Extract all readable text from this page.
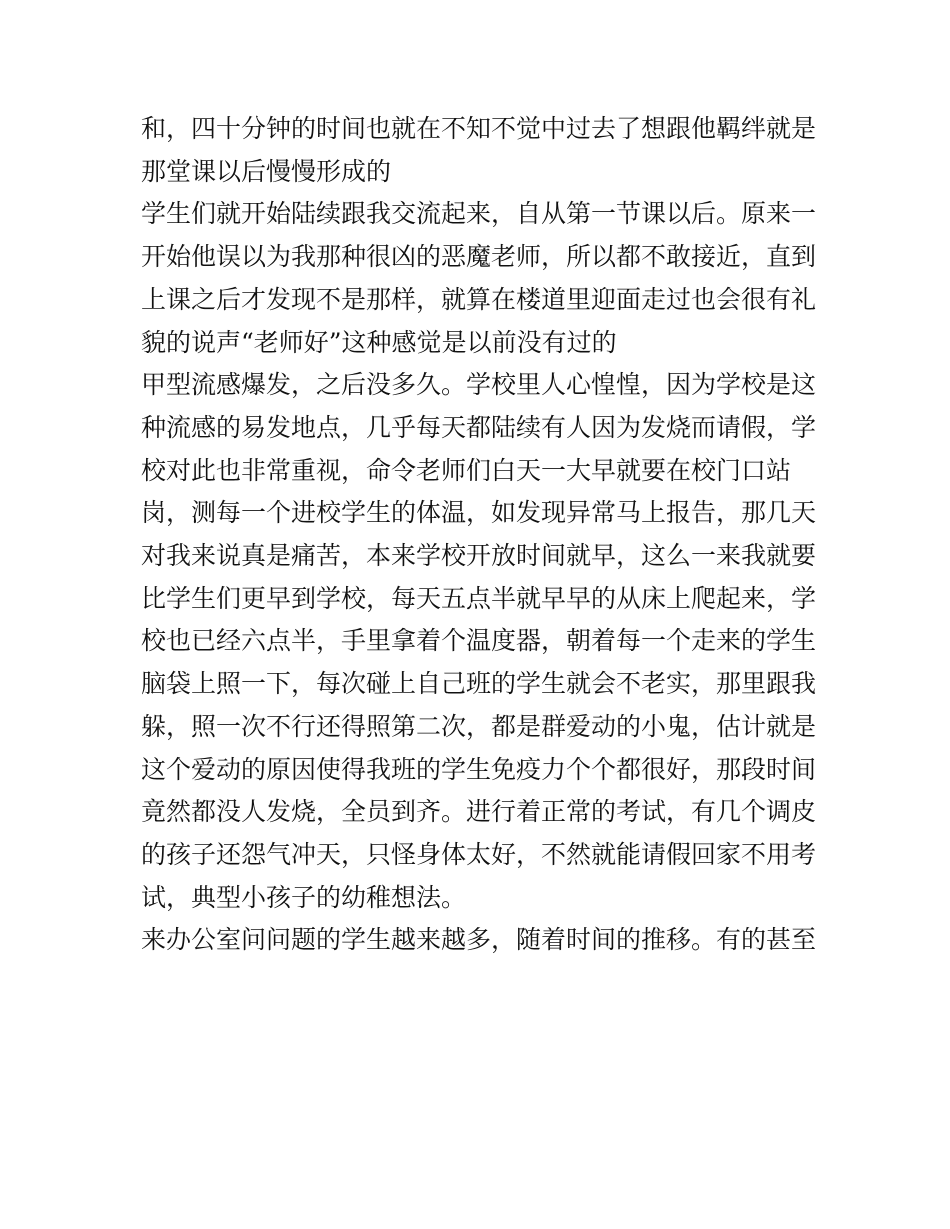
和，四十分钟的时间也就在不知不觉中过去了想跟他羁绊就是
那堂课以后慢慢形成的
学生们就开始陆续跟我交流起来，自从第一节课以后。原来一
开始他误以为我那种很凶的恶魔老师，所以都不敢接近，直到
上课之后才发现不是那样，就算在楼道里迎面走过也会很有礼
貌的说声“老师好”这种感觉是以前没有过的
甲型流感爆发，之后没多久。学校里人心惶惶，因为学校是这
种流感的易发地点，几乎每天都陆续有人因为发烧而请假，学
校对此也非常重视，命令老师们白天一大早就要在校门口站
岗，测每一个进校学生的体温，如发现异常马上报告，那几天
对我来说真是痛苦，本来学校开放时间就早，这么一来我就要
比学生们更早到学校，每天五点半就早早的从床上爬起来，学
校也已经六点半，手里拿着个温度器，朝着每一个走来的学生
脑袋上照一下，每次碰上自己班的学生就会不老实，那里跟我
躲，照一次不行还得照第二次，都是群爱动的小鬼，估计就是
这个爱动的原因使得我班的学生免疫力个个都很好，那段时间
竟然都没人发烧，全员到齐。进行着正常的考试，有几个调皮
的孩子还怨气冲天，只怪身体太好，不然就能请假回家不用考
试，典型小孩子的幼稚想法。
来办公室问问题的学生越来越多，随着时间的推移。有的甚至
